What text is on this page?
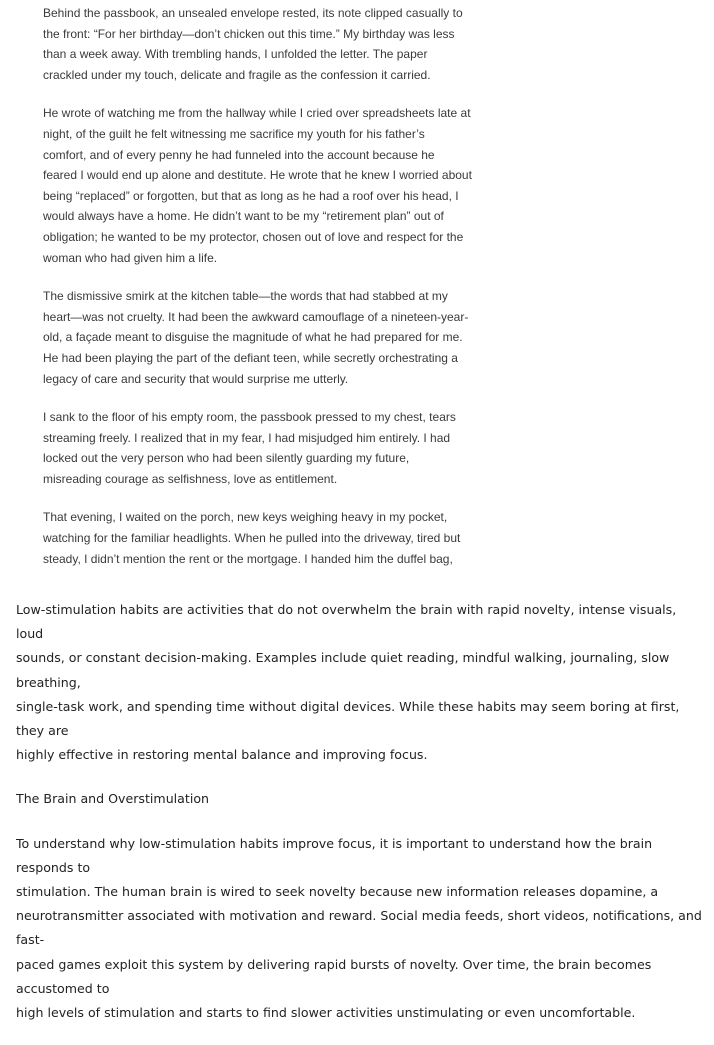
Behind the passbook, an unsealed envelope rested, its note clipped casually to
the front: “For her birthday—don’t chicken out this time.” My birthday was less
than a week away. With trembling hands, I unfolded the letter. The paper
crackled under my touch, delicate and fragile as the confession it carried.

He wrote of watching me from the hallway while I cried over spreadsheets late at
night, of the guilt he felt witnessing me sacrifice my youth for his father’s
comfort, and of every penny he had funneled into the account because he
feared I would end up alone and destitute. He wrote that he knew I worried about
being “replaced” or forgotten, but that as long as he had a roof over his head, I
would always have a home. He didn’t want to be my “retirement plan” out of
obligation; he wanted to be my protector, chosen out of love and respect for the
woman who had given him a life.

The dismissive smirk at the kitchen table—the words that had stabbed at my
heart—was not cruelty. It had been the awkward camouflage of a nineteen-year-
old, a façade meant to disguise the magnitude of what he had prepared for me.
He had been playing the part of the defiant teen, while secretly orchestrating a
legacy of care and security that would surprise me utterly.

I sank to the floor of his empty room, the passbook pressed to my chest, tears
streaming freely. I realized that in my fear, I had misjudged him entirely. I had
locked out the very person who had been silently guarding my future,
misreading courage as selfishness, love as entitlement.

That evening, I waited on the porch, new keys weighing heavy in my pocket,
watching for the familiar headlights. When he pulled into the driveway, tired but
steady, I didn’t mention the rent or the mortgage. I handed him the duffel bag,

Low-stimulation habits are activities that do not overwhelm the brain with rapid novelty, intense visuals, loud
sounds, or constant decision-making. Examples include quiet reading, mindful walking, journaling, slow breathing,
single-task work, and spending time without digital devices. While these habits may seem boring at first, they are
highly effective in restoring mental balance and improving focus.

The Brain and Overstimulation

To understand why low-stimulation habits improve focus, it is important to understand how the brain responds to
stimulation. The human brain is wired to seek novelty because new information releases dopamine, a
neurotransmitter associated with motivation and reward. Social media feeds, short videos, notifications, and fast-
paced games exploit this system by delivering rapid bursts of novelty. Over time, the brain becomes accustomed to
high levels of stimulation and starts to find slower activities unstimulating or even uncomfortable.
